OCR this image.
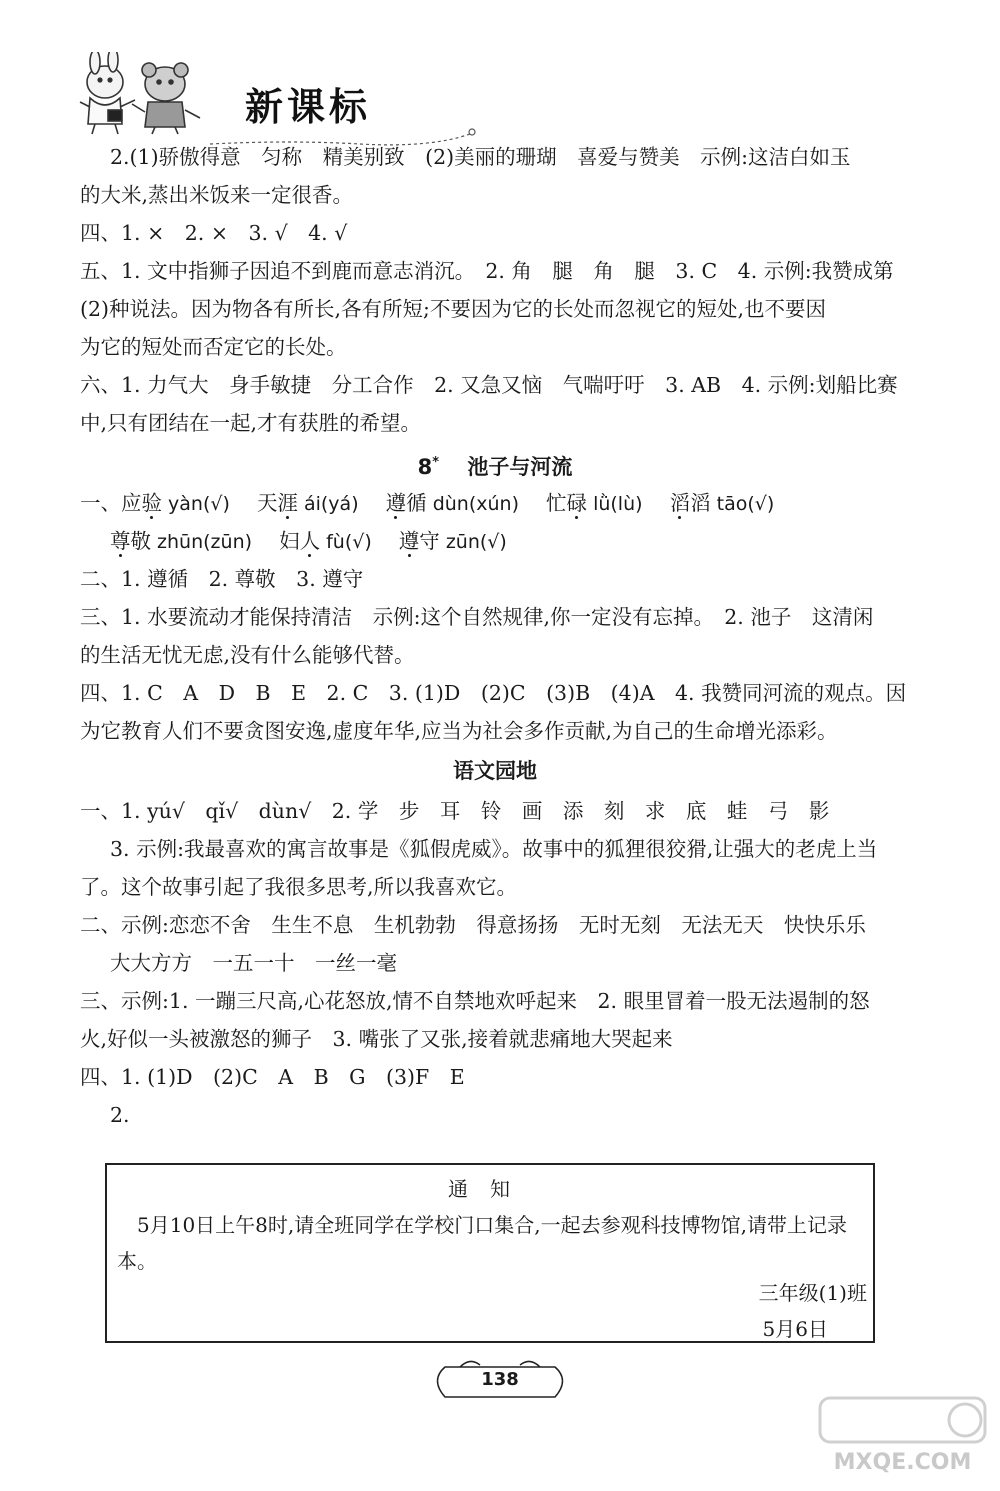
新课标
2.(1)骄傲得意　匀称　精美别致　(2)美丽的珊瑚　喜爱与赞美　示例:这洁白如玉
的大米,蒸出米饭来一定很香。
四、1. ×　2. ×　3. √　4. √
五、1. 文中指狮子因追不到鹿而意志消沉。　2. 角　腿　角　腿　3. C　4. 示例:我赞成第
(2)种说法。因为物各有所长,各有所短;不要因为它的长处而忽视它的短处,也不要因
为它的短处而否定它的长处。
六、1. 力气大　身手敏捷　分工合作　2. 又急又恼　气喘吁吁　3. AB　4. 示例:划船比赛
中,只有团结在一起,才有获胜的希望。
8*　 池子与河流
一、应验 yàn(√)　 天涯 ái(yá)　 遵循 dùn(xún)　 忙碌 lǜ(lù)　 滔滔 tāo(√)
尊敬 zhūn(zūn)　 妇人 fù(√)　 遵守 zūn(√)
二、1. 遵循　2. 尊敬　3. 遵守
三、1. 水要流动才能保持清洁　示例:这个自然规律,你一定没有忘掉。　2. 池子　这清闲
的生活无忧无虑,没有什么能够代替。
四、1. C　A　D　B　E　2. C　3. (1)D　(2)C　(3)B　(4)A　4. 我赞同河流的观点。因
为它教育人们不要贪图安逸,虚度年华,应当为社会多作贡献,为自己的生命增光添彩。
语文园地
一、1. yú√　qǐ√　dùn√　2. 学　步　耳　铃　画　添　刻　求　底　蛙　弓　影
3. 示例:我最喜欢的寓言故事是《狐假虎威》。故事中的狐狸很狡猾,让强大的老虎上当
了。这个故事引起了我很多思考,所以我喜欢它。
二、示例:恋恋不舍　生生不息　生机勃勃　得意扬扬　无时无刻　无法无天　快快乐乐
大大方方　一五一十　一丝一毫
三、示例:1. 一蹦三尺高,心花怒放,情不自禁地欢呼起来　2. 眼里冒着一股无法遏制的怒
火,好似一头被激怒的狮子　3. 嘴张了又张,接着就悲痛地大哭起来
四、1. (1)D　(2)C　A　B　G　(3)F　E
2.
通知
5月10日上午8时,请全班同学在学校门口集合,一起去参观科技博物馆,请带上记录本。
三年级(1)班
5月6日
138
MXQE.COM
